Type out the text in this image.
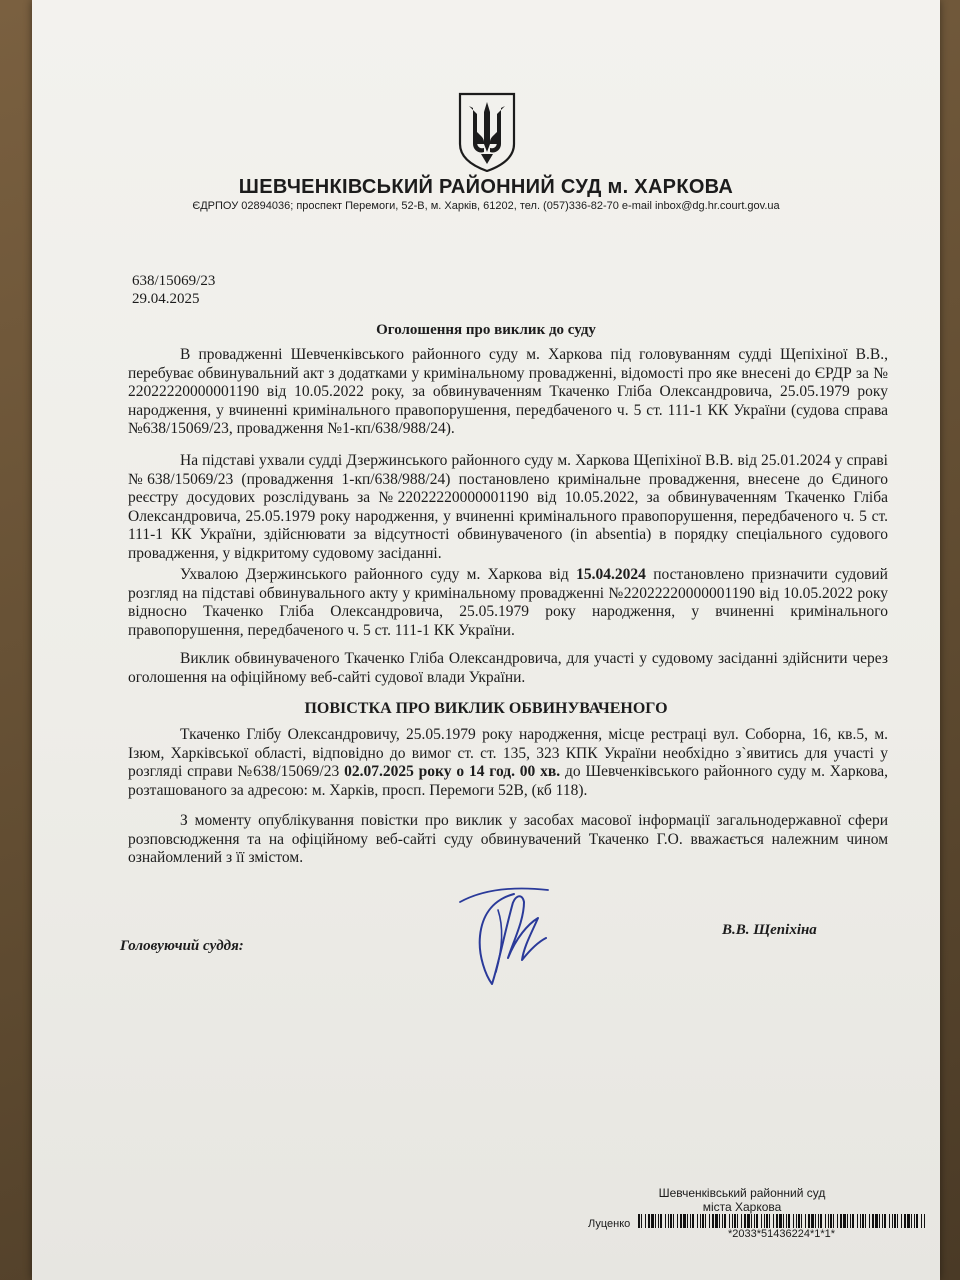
ШЕВЧЕНКІВСЬКИЙ РАЙОННИЙ СУД м. ХАРКОВА
ЄДРПОУ 02894036; проспект Перемоги, 52-В, м. Харків, 61202, тел. (057)336-82-70 e-mail inbox@dg.hr.court.gov.ua
638/15069/23
29.04.2025
Оголошення про виклик до суду
В провадженні Шевченківського районного суду м. Харкова під головуванням судді Щепіхіної В.В., перебуває обвинувальний акт з додатками у кримінальному провадженні, відомості про яке внесені до ЄРДР за № 22022220000001190 від 10.05.2022 року, за обвинуваченням Ткаченко Гліба Олександровича, 25.05.1979 року народження, у вчиненні кримінального правопорушення, передбаченого ч. 5 ст. 111-1 КК України (судова справа №638/15069/23, провадження №1-кп/638/988/24).
На підставі ухвали судді Дзержинського районного суду м. Харкова Щепіхіної В.В. від 25.01.2024 у справі №638/15069/23 (провадження 1-кп/638/988/24) постановлено кримінальне провадження, внесене до Єдиного реєстру досудових розслідувань за №22022220000001190 від 10.05.2022, за обвинуваченням Ткаченко Гліба Олександровича, 25.05.1979 року народження, у вчиненні кримінального правопорушення, передбаченого ч. 5 ст. 111-1 КК України, здійснювати за відсутності обвинуваченого (in absentia) в порядку спеціального судового провадження, у відкритому судовому засіданні.
Ухвалою Дзержинського районного суду м. Харкова від 15.04.2024 постановлено призначити судовий розгляд на підставі обвинувального акту у кримінальному провадженні №22022220000001190 від 10.05.2022 року відносно Ткаченко Гліба Олександровича, 25.05.1979 року народження, у вчиненні кримінального правопорушення, передбаченого ч. 5 ст. 111-1 КК України.
Виклик обвинуваченого Ткаченко Гліба Олександровича, для участі у судовому засіданні здійснити через оголошення на офіційному веб-сайті судової влади України.
ПОВІСТКА ПРО ВИКЛИК ОБВИНУВАЧЕНОГО
Ткаченко Глібу Олександровичу, 25.05.1979 року народження, місце рестраці вул. Соборна, 16, кв.5, м. Ізюм, Харківської області, відповідно до вимог ст. ст. 135, 323 КПК України необхідно з`явитись для участі у розгляді справи №638/15069/23 02.07.2025 року о 14 год. 00 хв. до Шевченківського районного суду м. Харкова, розташованого за адресою: м. Харків, просп. Перемоги 52В, (кб 118).
З моменту опублікування повістки про виклик у засобах масової інформації загальнодержавної сфери розповсюдження та на офіційному веб-сайті суду обвинувачений Ткаченко Г.О. вважається належним чином ознайомлений з її змістом.
Головуючий суддя:
В.В. Щепіхіна
Шевченківський районний суд
міста Харкова
Луценко
*2033*51436224*1*1*
